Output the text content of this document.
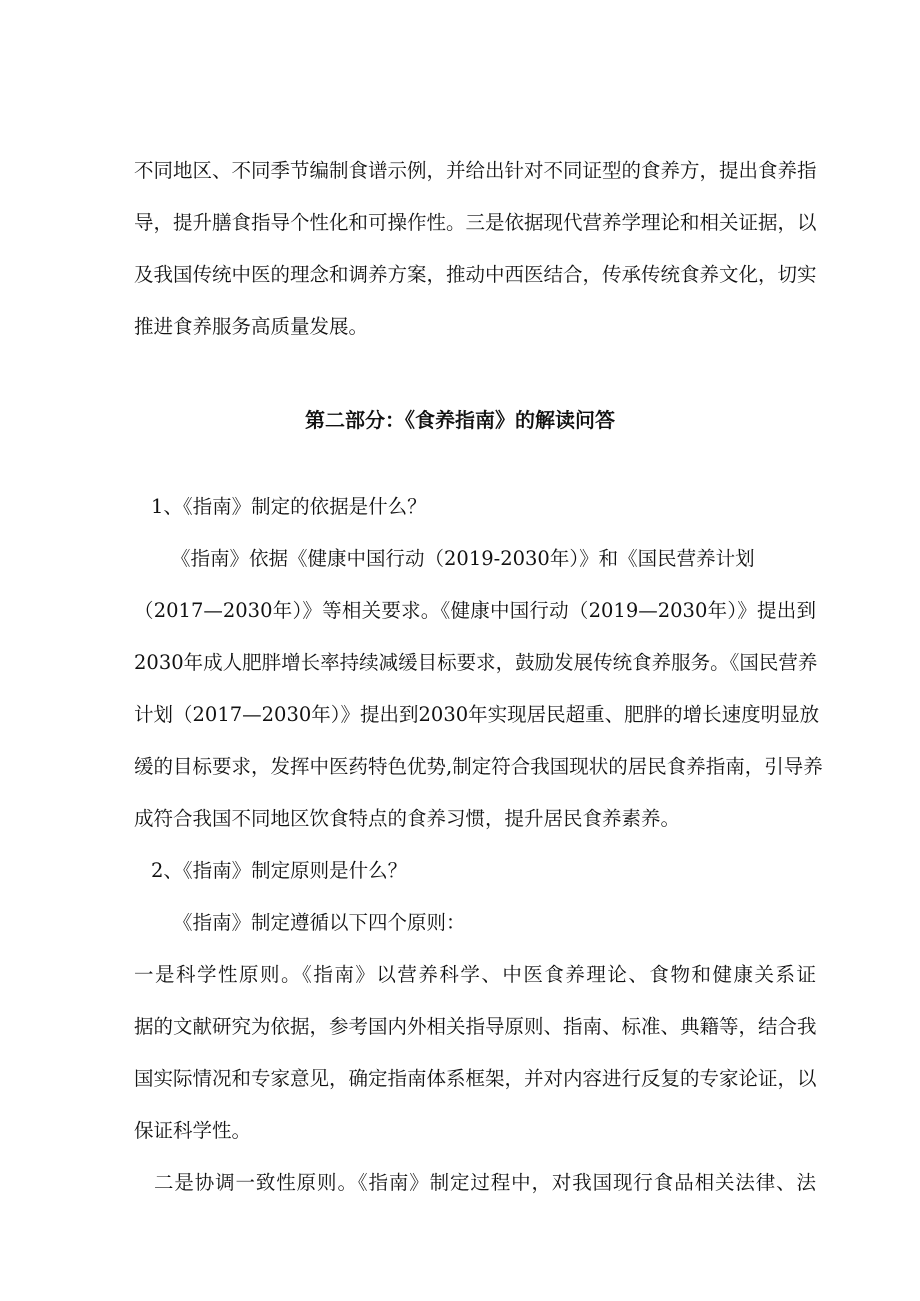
不同地区、不同季节编制食谱示例，并给出针对不同证型的食养方，提出食养指
导，提升膳食指导个性化和可操作性。三是依据现代营养学理论和相关证据，以
及我国传统中医的理念和调养方案，推动中西医结合，传承传统食养文化，切实
推进食养服务高质量发展。
第二部分：《食养指南》的解读问答
1、《指南》制定的依据是什么？
《指南》依据《健康中国行动（2019-2030年）》和《国民营养计划
（2017—2030年）》等相关要求。《健康中国行动（2019—2030年）》提出到
2030年成人肥胖增长率持续减缓目标要求，鼓励发展传统食养服务。《国民营养
计划（2017—2030年）》提出到2030年实现居民超重、肥胖的增长速度明显放
缓的目标要求，发挥中医药特色优势,制定符合我国现状的居民食养指南，引导养
成符合我国不同地区饮食特点的食养习惯，提升居民食养素养。
2、《指南》制定原则是什么？
《指南》制定遵循以下四个原则：
一是科学性原则。《指南》以营养科学、中医食养理论、食物和健康关系证
据的文献研究为依据，参考国内外相关指导原则、指南、标准、典籍等，结合我
国实际情况和专家意见，确定指南体系框架，并对内容进行反复的专家论证，以
保证科学性。
二是协调一致性原则。《指南》制定过程中，对我国现行食品相关法律、法
